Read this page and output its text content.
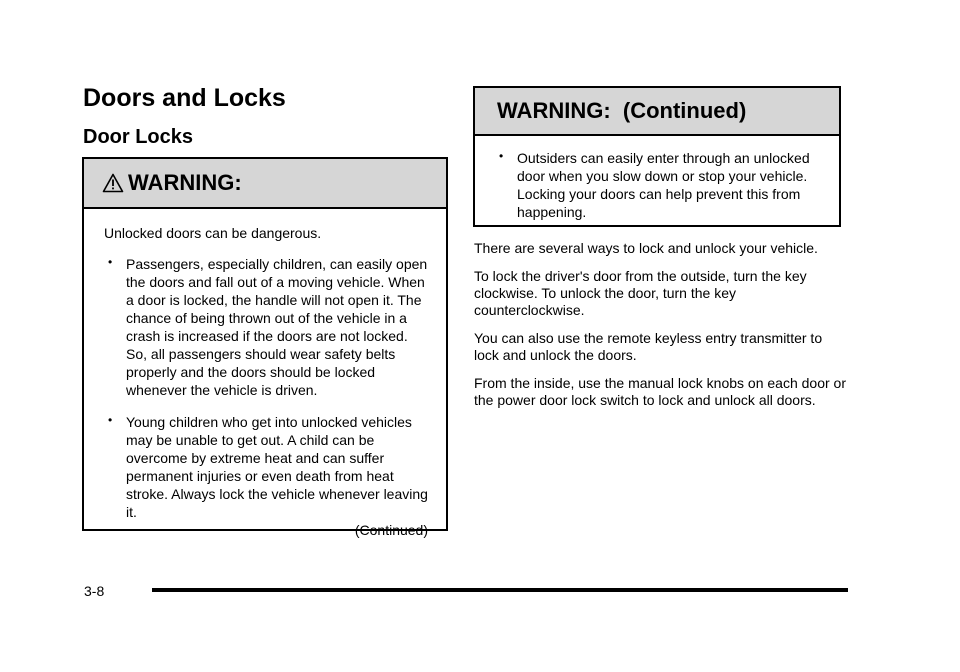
Doors and Locks
Door Locks
WARNING:

Unlocked doors can be dangerous.

• Passengers, especially children, can easily open the doors and fall out of a moving vehicle. When a door is locked, the handle will not open it. The chance of being thrown out of the vehicle in a crash is increased if the doors are not locked. So, all passengers should wear safety belts properly and the doors should be locked whenever the vehicle is driven.

• Young children who get into unlocked vehicles may be unable to get out. A child can be overcome by extreme heat and can suffer permanent injuries or even death from heat stroke. Always lock the vehicle whenever leaving it.

(Continued)

WARNING:  (Continued)
• Outsiders can easily enter through an unlocked door when you slow down or stop your vehicle. Locking your doors can help prevent this from happening.

There are several ways to lock and unlock your vehicle.

To lock the driver's door from the outside, turn the key clockwise. To unlock the door, turn the key counterclockwise.

You can also use the remote keyless entry transmitter to lock and unlock the doors.

From the inside, use the manual lock knobs on each door or the power door lock switch to lock and unlock all doors.

3-8
